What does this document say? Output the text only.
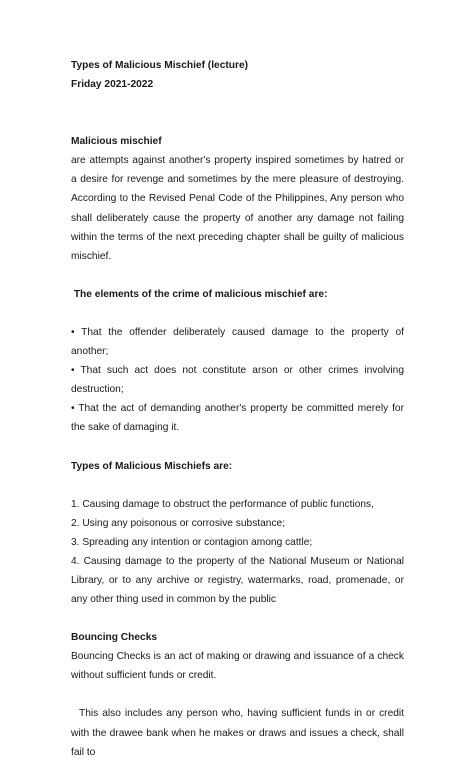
Types of Malicious Mischief (lecture)

Friday 2021-2022

Malicious mischief

are attempts against another's property inspired sometimes by hatred or a desire for revenge and sometimes by the mere pleasure of destroying. According to the Revised Penal Code of the Philippines, Any person who shall deliberately cause the property of another any damage not failing within the terms of the next preceding chapter shall be guilty of malicious mischief.

The elements of the crime of malicious mischief are:

• That the offender deliberately caused damage to the property of another;

• That such act does not constitute arson or other crimes involving destruction;

• That the act of demanding another's property be committed merely for the sake of damaging it.

Types of Malicious Mischiefs are:

1. Causing damage to obstruct the performance of public functions,

2. Using any poisonous or corrosive substance;

3. Spreading any intention or contagion among cattle;

4. Causing damage to the property of the National Museum or National Library, or to any archive or registry, watermarks, road, promenade, or any other thing used in common by the public

Bouncing Checks

Bouncing Checks is an act of making or drawing and issuance of a check without sufficient funds or credit.

This also includes any person who, having sufficient funds in or credit with the drawee bank when he makes or draws and issues a check, shall fail to
